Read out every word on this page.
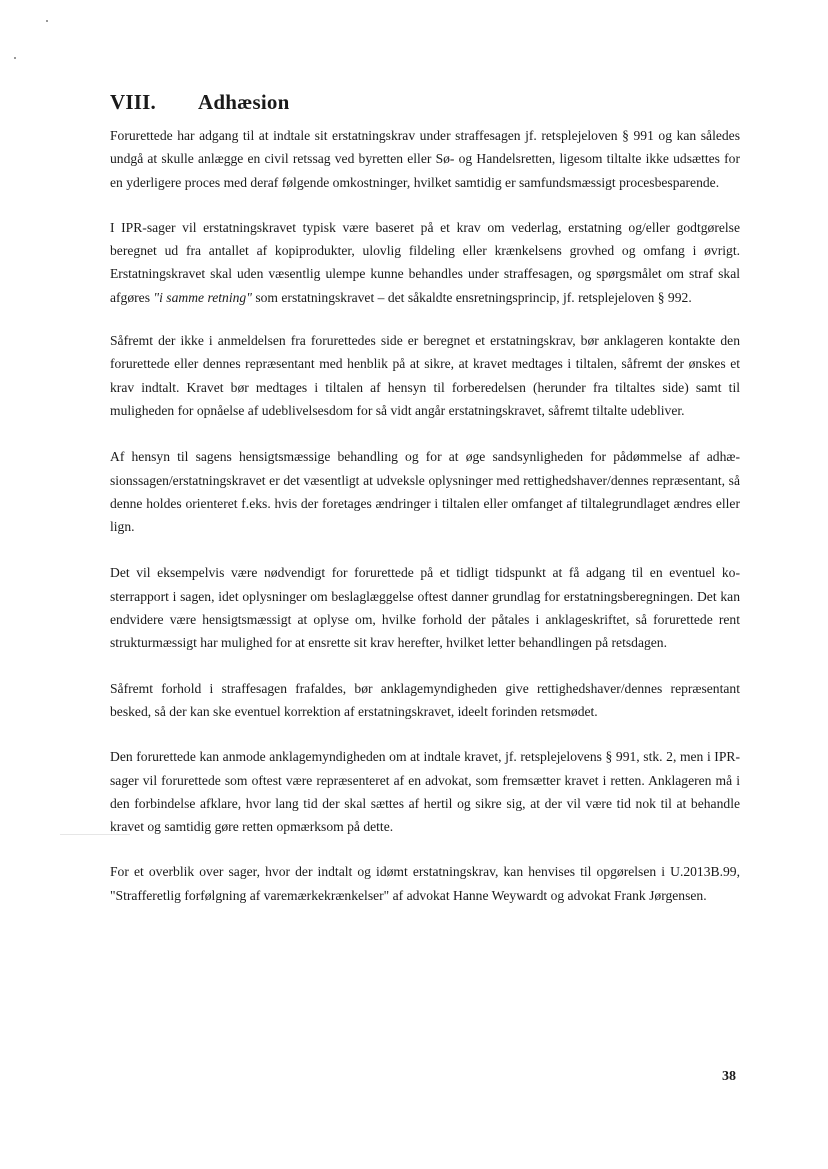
VIII. Adhæsion

Forurettede har adgang til at indtale sit erstatningskrav under straffesagen jf. retsplejeloven § 991 og kan således undgå at skulle anlægge en civil retssag ved byretten eller Sø- og Handelsretten, ligesom tiltalte ikke udsættes for en yderligere proces med deraf følgende omkostninger, hvilket samtidig er samfundsmæssigt procesbesparende.

I IPR-sager vil erstatningskravet typisk være baseret på et krav om vederlag, erstatning og/eller godtgørelse beregnet ud fra antallet af kopiprodukter, ulovlig fildeling eller krænkelsens grovhed og omfang i øvrigt. Erstatningskravet skal uden væsentlig ulempe kunne behandles under straffesagen, og spørgsmålet om straf skal afgøres "i samme retning" som erstatningskravet – det såkaldte ensretningsprincip, jf. retsplejeloven § 992.

Såfremt der ikke i anmeldelsen fra forurettedes side er beregnet et erstatningskrav, bør anklageren kontakte den forurettede eller dennes repræsentant med henblik på at sikre, at kravet medtages i tiltalen, såfremt der ønskes et krav indtalt. Kravet bør medtages i tiltalen af hensyn til forberedelsen (herunder fra tiltaltes side) samt til muligheden for opnåelse af udeblivelsesdom for så vidt angår erstatningskravet, såfremt tiltalte udebliver.

Af hensyn til sagens hensigtsmæssige behandling og for at øge sandsynligheden for pådømmelse af adhæsionssagen/erstatningskravet er det væsentligt at udveksle oplysninger med rettighedshaver/dennes repræsentant, så denne holdes orienteret f.eks. hvis der foretages ændringer i tiltalen eller omfanget af tiltalegrundlaget ændres eller lign.

Det vil eksempelvis være nødvendigt for forurettede på et tidligt tidspunkt at få adgang til en eventuel kosterrapport i sagen, idet oplysninger om beslaglæggelse oftest danner grundlag for erstatningsberegningen. Det kan endvidere være hensigtsmæssigt at oplyse om, hvilke forhold der påtales i anklageskriftet, så forurettede rent strukturmæssigt har mulighed for at ensrette sit krav herefter, hvilket letter behandlingen på retsdagen.

Såfremt forhold i straffesagen frafaldes, bør anklagemyndigheden give rettighedshaver/dennes repræsentant besked, så der kan ske eventuel korrektion af erstatningskravet, ideelt forinden retsmødet.

Den forurettede kan anmode anklagemyndigheden om at indtale kravet, jf. retsplejelovens § 991, stk. 2, men i IPR-sager vil forurettede som oftest være repræsenteret af en advokat, som fremsætter kravet i retten. Anklageren må i den forbindelse afklare, hvor lang tid der skal sættes af hertil og sikre sig, at der vil være tid nok til at behandle kravet og samtidig gøre retten opmærksom på dette.

For et overblik over sager, hvor der indtalt og idømt erstatningskrav, kan henvises til opgørelsen i U.2013B.99, "Strafferetlig forfølgning af varemærkekrænkelser" af advokat Hanne Weywardt og advokat Frank Jørgensen.

38
